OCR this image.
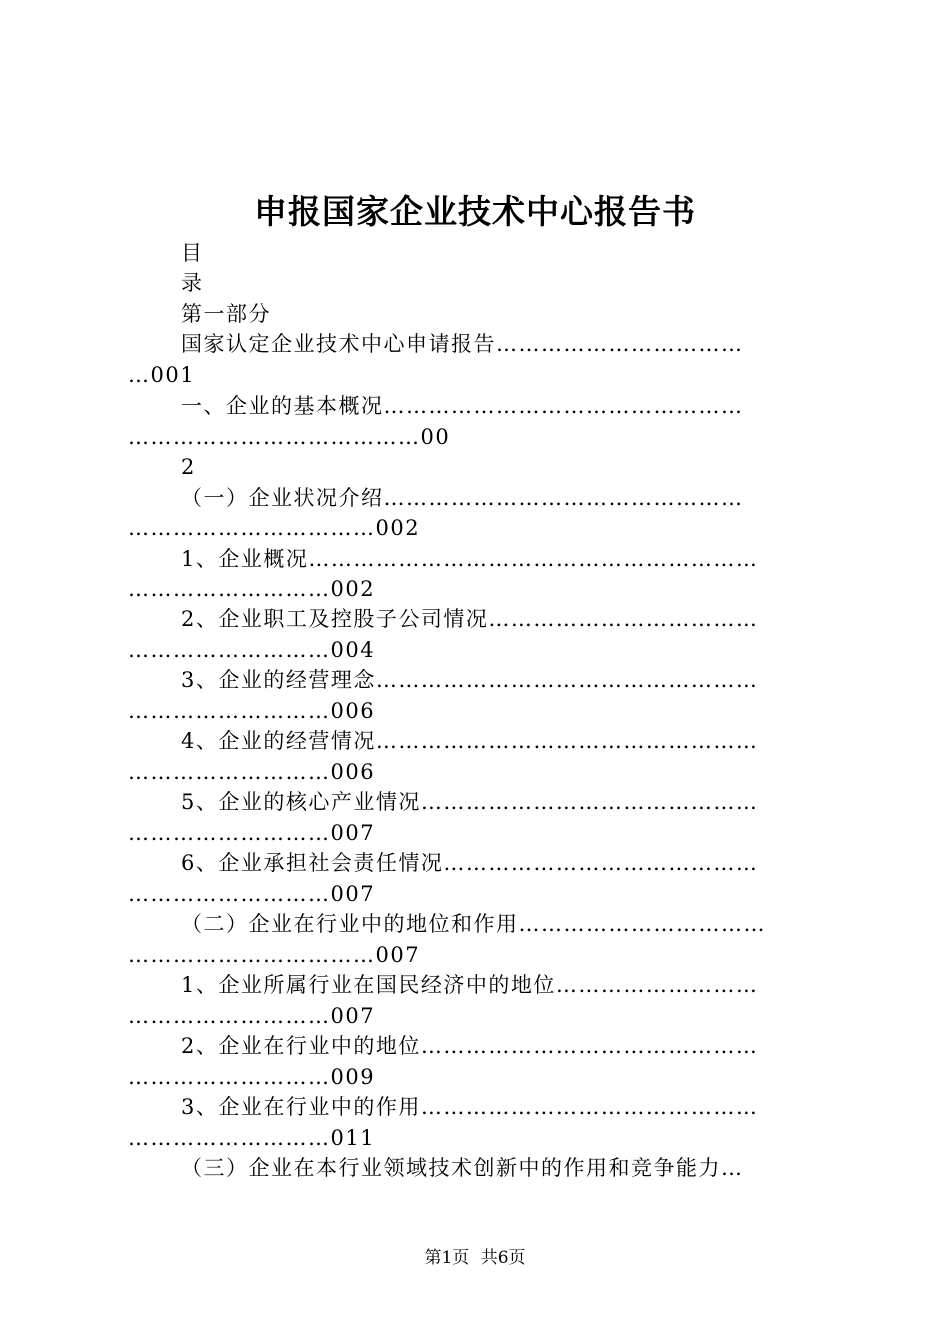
申报国家企业技术中心报告书
目
录
第一部分
国家认定企业技术中心申请报告……………………………
…001
一、企业的基本概况…………………………………………
…………………………………00
2
（一）企业状况介绍…………………………………………
……………………………002
1、企业概况……………………………………………………
………………………002
2、企业职工及控股子公司情况………………………………
………………………004
3、企业的经营理念……………………………………………
………………………006
4、企业的经营情况……………………………………………
………………………006
5、企业的核心产业情况………………………………………
………………………007
6、企业承担社会责任情况……………………………………
………………………007
（二）企业在行业中的地位和作用……………………………
……………………………007
1、企业所属行业在国民经济中的地位………………………
………………………007
2、企业在行业中的地位………………………………………
………………………009
3、企业在行业中的作用………………………………………
………………………011
（三）企业在本行业领域技术创新中的作用和竞争能力…
第1页 共6页
